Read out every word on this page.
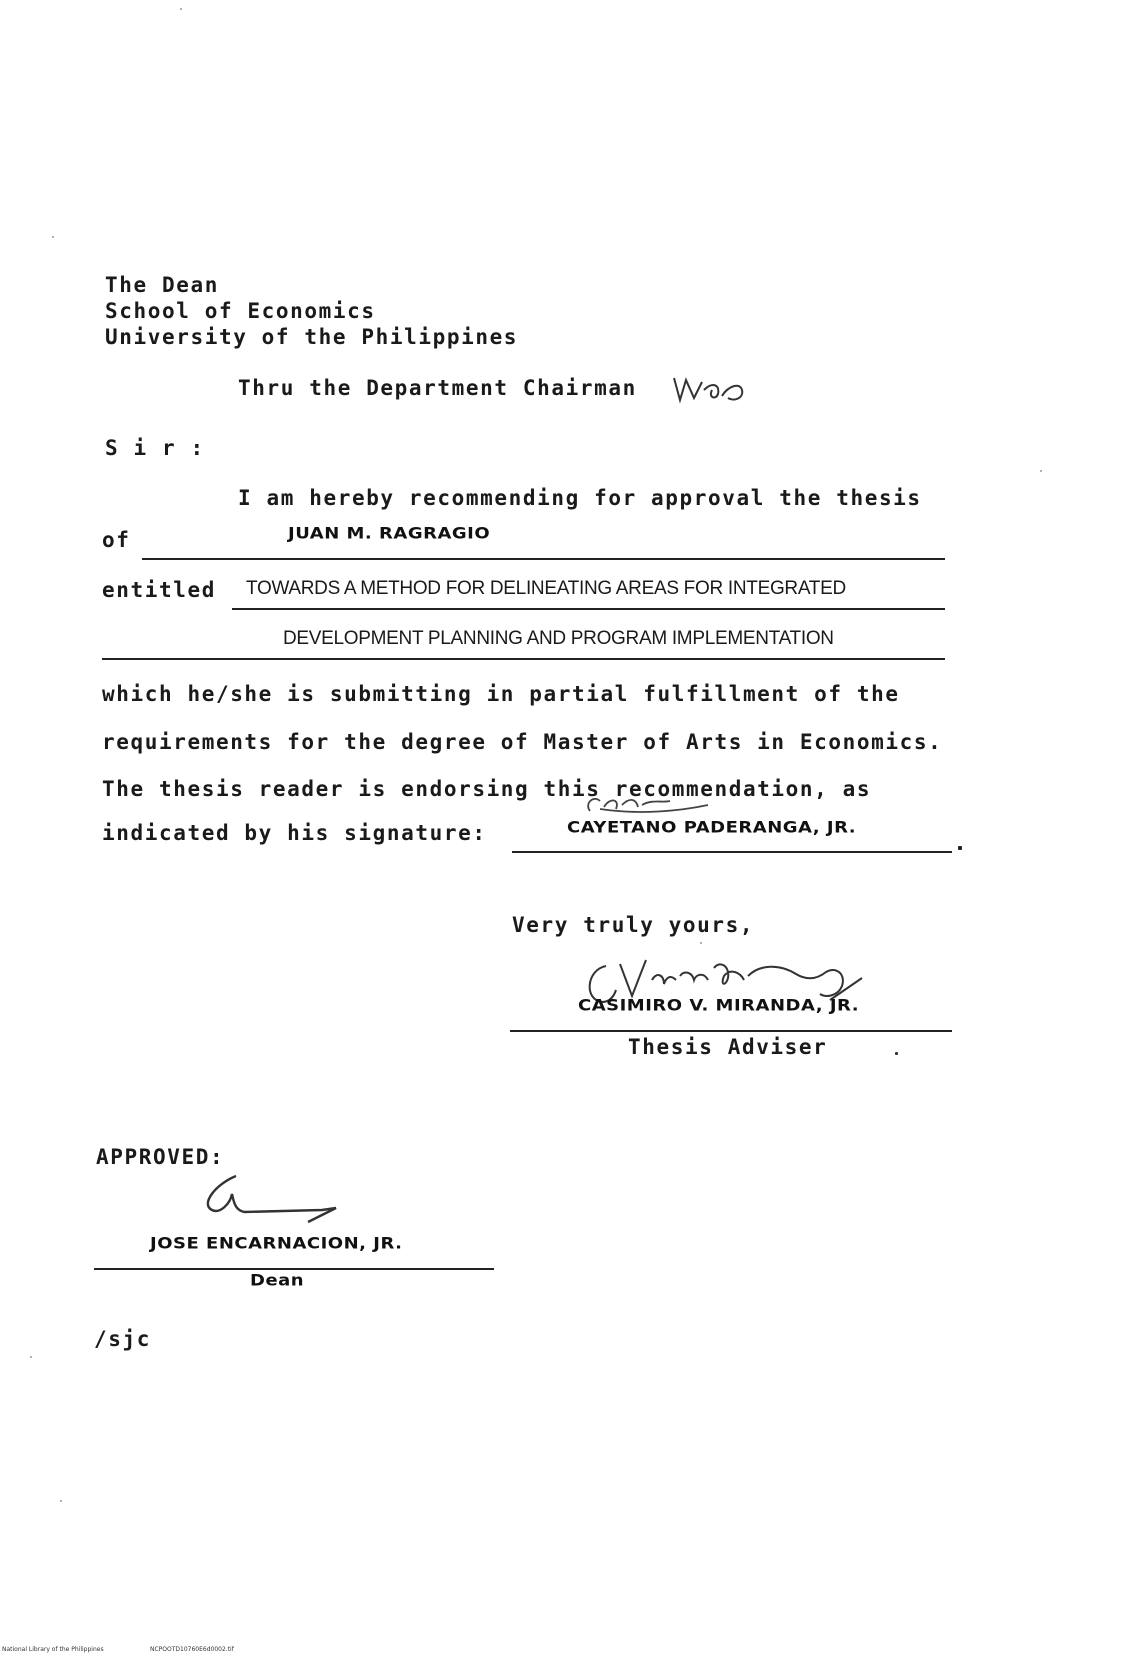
The Dean
School of Economics
University of the Philippines
Thru the Department Chairman
S i r :
I am hereby recommending for approval the thesis
of	JUAN M. RAGRAGIO
entitled TOWARDS A METHOD FOR DELINEATING AREAS FOR INTEGRATED
DEVELOPMENT PLANNING AND PROGRAM IMPLEMENTATION
which he/she is submitting in partial fulfillment of the
requirements for the degree of Master of Arts in Economics.
The thesis reader is endorsing this recommendation, as
indicated by his signature:	CAYETANO PADERANGA, JR.
Very truly yours,
CASIMIRO V. MIRANDA, JR.
Thesis Adviser
APPROVED:
JOSE ENCARNACION, JR.
Dean
/sjc
National Library of the Philippines	NCPOOTD10760E6d0002.tif
